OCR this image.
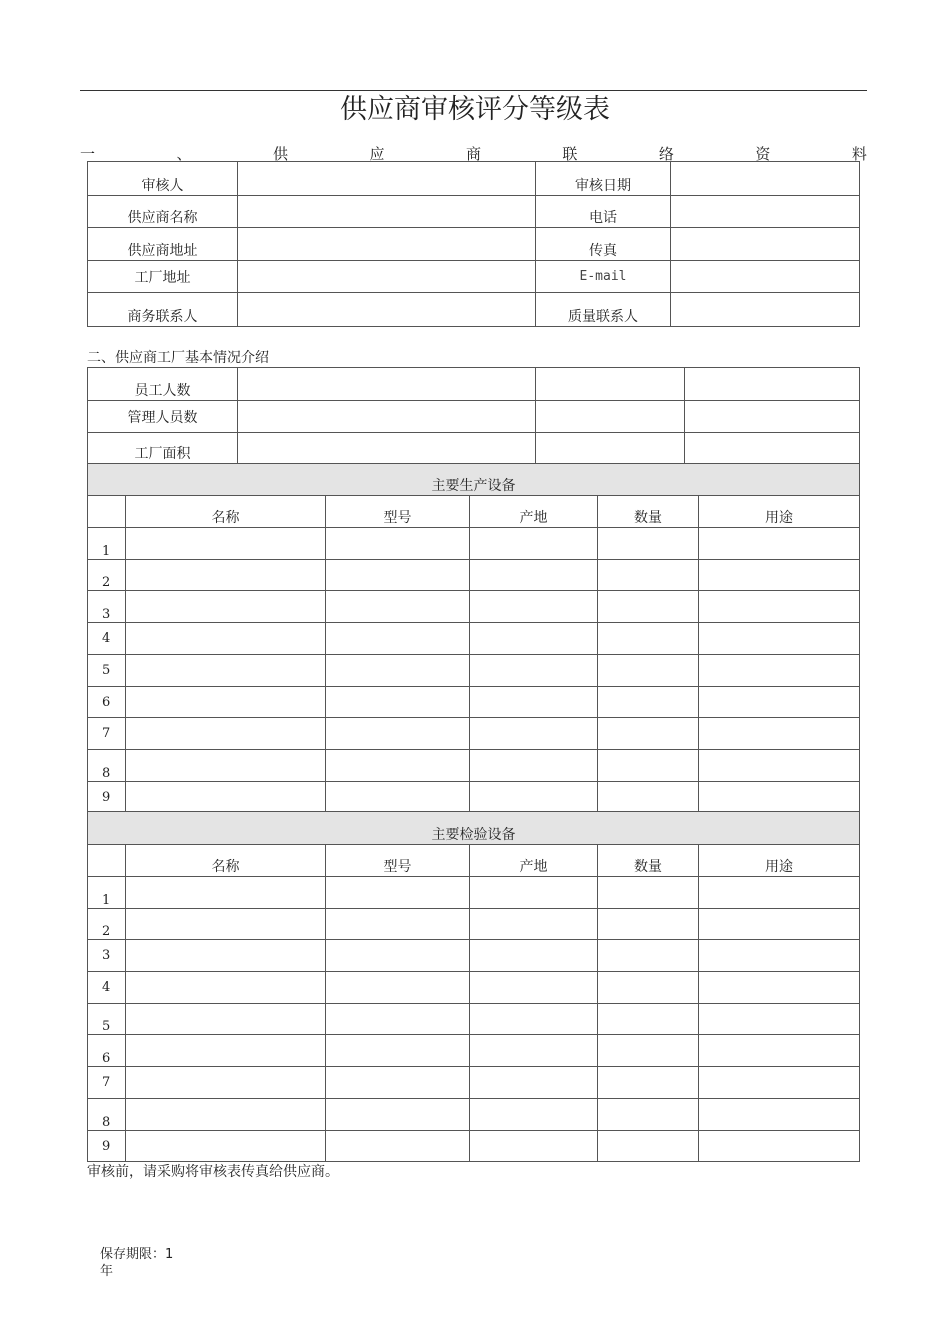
供应商审核评分等级表
一	、	供	应	商	联	络	资	料
审核人		审核日期	
供应商名称		电话	
供应商地址		传真	
工厂地址		E-mail	
商务联系人		质量联系人	
二、供应商工厂基本情况介绍
员工人数			
管理人员数			
工厂面积			
主要生产设备					
	名称	型号	产地	数量	用途
1					
2					
3					
4					
5					
6					
7					
8					
9					
主要检验设备					
	名称	型号	产地	数量	用途
1					
2					
3					
4					
5					
6					
7					
8					
9					
审核前，请采购将审核表传真给供应商。
保存期限：1 年
